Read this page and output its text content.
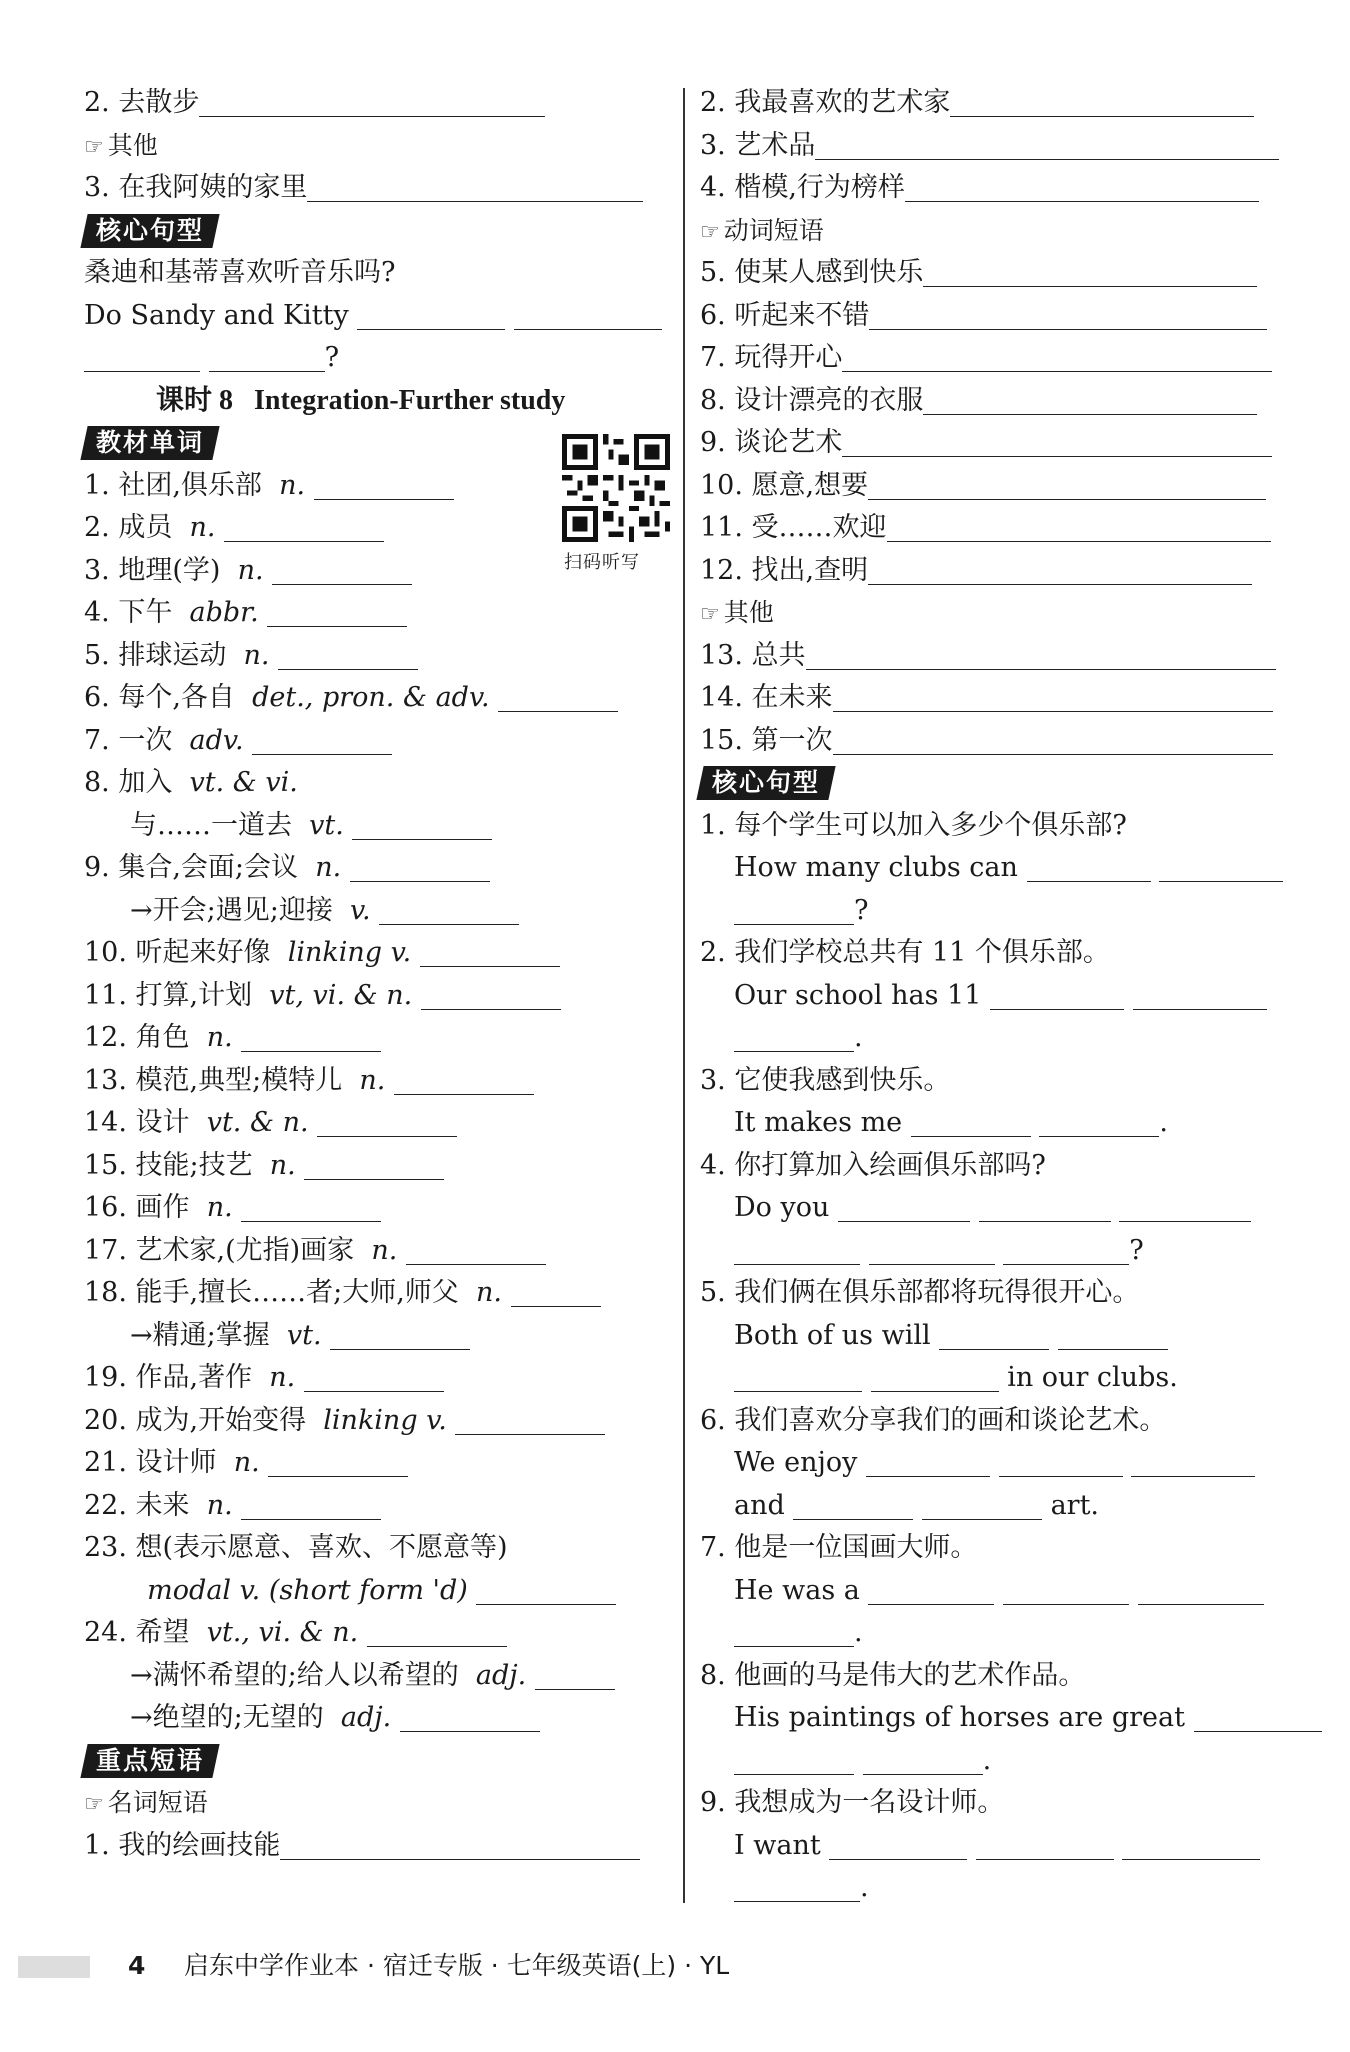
2. 去散步
☞ 其他
3. 在我阿姨的家里
核心句型
桑迪和基蒂喜欢听音乐吗?
Do Sandy and Kitty
?
课时 8 Integration-Further study
教材单词
扫码听写
1. 社团,俱乐部 n.
2. 成员 n.
3. 地理(学) n.
4. 下午 abbr.
5. 排球运动 n.
6. 每个,各自 det., pron. & adv.
7. 一次 adv.
8. 加入 vt. & vi.
与……一道去 vt.
9. 集合,会面;会议 n.
→开会;遇见;迎接 v.
10. 听起来好像 linking v.
11. 打算,计划 vt, vi. & n.
12. 角色 n.
13. 模范,典型;模特儿 n.
14. 设计 vt. & n.
15. 技能;技艺 n.
16. 画作 n.
17. 艺术家,(尤指)画家 n.
18. 能手,擅长……者;大师,师父 n.
→精通;掌握 vt.
19. 作品,著作 n.
20. 成为,开始变得 linking v.
21. 设计师 n.
22. 未来 n.
23. 想(表示愿意、喜欢、不愿意等)
modal v. (short form 'd)
24. 希望 vt., vi. & n.
→满怀希望的;给人以希望的 adj.
→绝望的;无望的 adj.
重点短语
☞ 名词短语
1. 我的绘画技能
2. 我最喜欢的艺术家
3. 艺术品
4. 楷模,行为榜样
☞ 动词短语
5. 使某人感到快乐
6. 听起来不错
7. 玩得开心
8. 设计漂亮的衣服
9. 谈论艺术
10. 愿意,想要
11. 受……欢迎
12. 找出,查明
☞ 其他
13. 总共
14. 在未来
15. 第一次
核心句型
1. 每个学生可以加入多少个俱乐部?
How many clubs can
?
2. 我们学校总共有 11 个俱乐部。
Our school has 11
.
3. 它使我感到快乐。
It makes me	.
4. 你打算加入绘画俱乐部吗?
Do you
?
5. 我们俩在俱乐部都将玩得很开心。
Both of us will
in our clubs.
6. 我们喜欢分享我们的画和谈论艺术。
We enjoy
and	art.
7. 他是一位国画大师。
He was a
.
8. 他画的马是伟大的艺术作品。
His paintings of horses are great
.
9. 我想成为一名设计师。
I want
.
4 启东中学作业本 · 宿迁专版 · 七年级英语(上) · YL
